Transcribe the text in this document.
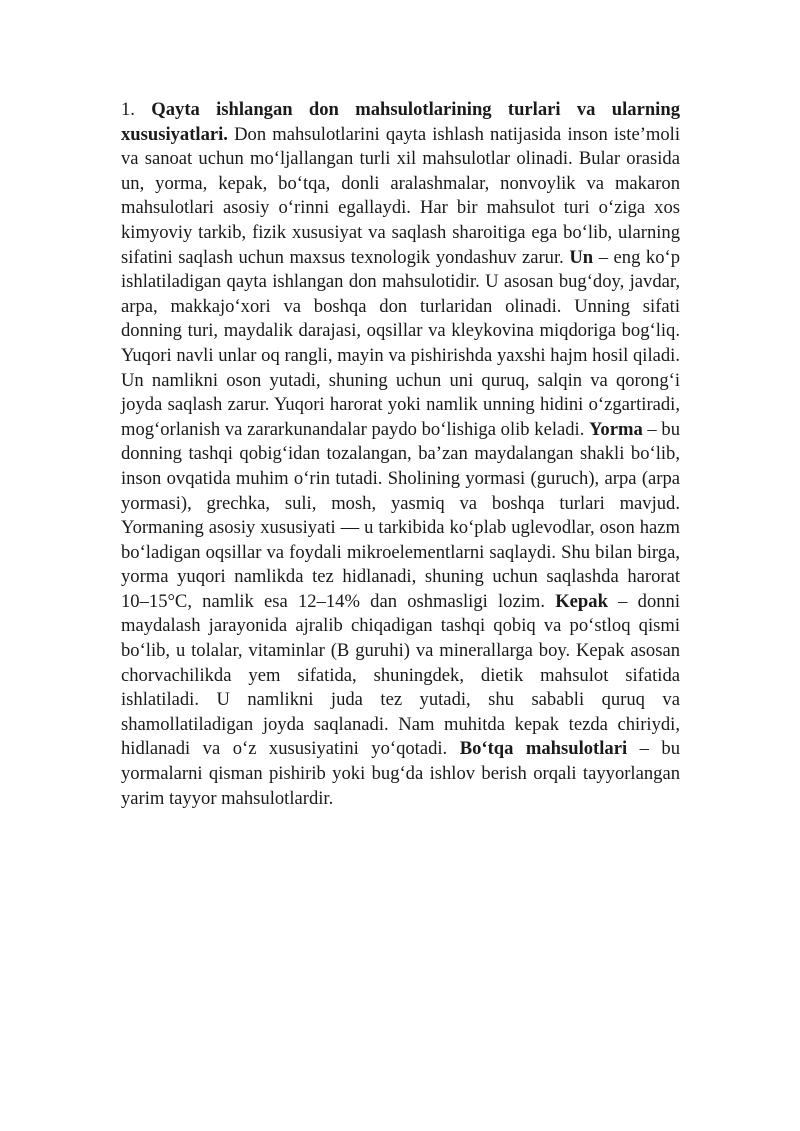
1. Qayta ishlangan don mahsulotlarining turlari va ularning xususiyatlari. Don mahsulotlarini qayta ishlash natijasida inson iste’moli va sanoat uchun mo‘ljallangan turli xil mahsulotlar olinadi. Bular orasida un, yorma, kepak, bo‘tqa, donli aralashmalar, nonvoylik va makaron mahsulotlari asosiy o‘rinni egallaydi. Har bir mahsulot turi o‘ziga xos kimyoviy tarkib, fizik xususiyat va saqlash sharoitiga ega bo‘lib, ularning sifatini saqlash uchun maxsus texnologik yondashuv zarur. Un – eng ko‘p ishlatiladigan qayta ishlangan don mahsulotidir. U asosan bug‘doy, javdar, arpa, makkajo‘xori va boshqa don turlaridan olinadi. Unning sifati donning turi, maydalik darajasi, oqsillar va kleykovina miqdoriga bog‘liq. Yuqori navli unlar oq rangli, mayin va pishirishda yaxshi hajm hosil qiladi. Un namlikni oson yutadi, shuning uchun uni quruq, salqin va qorong‘i joyda saqlash zarur. Yuqori harorat yoki namlik unning hidini o‘zgartiradi, mog‘orlanish va zararkunandalar paydo bo‘lishiga olib keladi. Yorma – bu donning tashqi qobig‘idan tozalangan, ba’zan maydalangan shakli bo‘lib, inson ovqatida muhim o‘rin tutadi. Sholining yormasi (guruch), arpa (arpa yormasi), grechka, suli, mosh, yasmiq va boshqa turlari mavjud. Yormaning asosiy xususiyati — u tarkibida ko‘plab uglevodlar, oson hazm bo‘ladigan oqsillar va foydali mikroelementlarni saqlaydi. Shu bilan birga, yorma yuqori namlikda tez hidlanadi, shuning uchun saqlashda harorat 10–15°C, namlik esa 12–14% dan oshmasligi lozim. Kepak – donni maydalash jarayonida ajralib chiqadigan tashqi qobiq va po‘stloq qismi bo‘lib, u tolalar, vitaminlar (B guruhi) va minerallarga boy. Kepak asosan chorvachilikda yem sifatida, shuningdek, dietik mahsulot sifatida ishlatiladi. U namlikni juda tez yutadi, shu sababli quruq va shamollatiladigan joyda saqlanadi. Nam muhitda kepak tezda chiriydi, hidlanadi va o‘z xususiyatini yo‘qotadi. Bo‘tqa mahsulotlari – bu yormalarni qisman pishirib yoki bug‘da ishlov berish orqali tayyorlangan yarim tayyor mahsulotlardir.
